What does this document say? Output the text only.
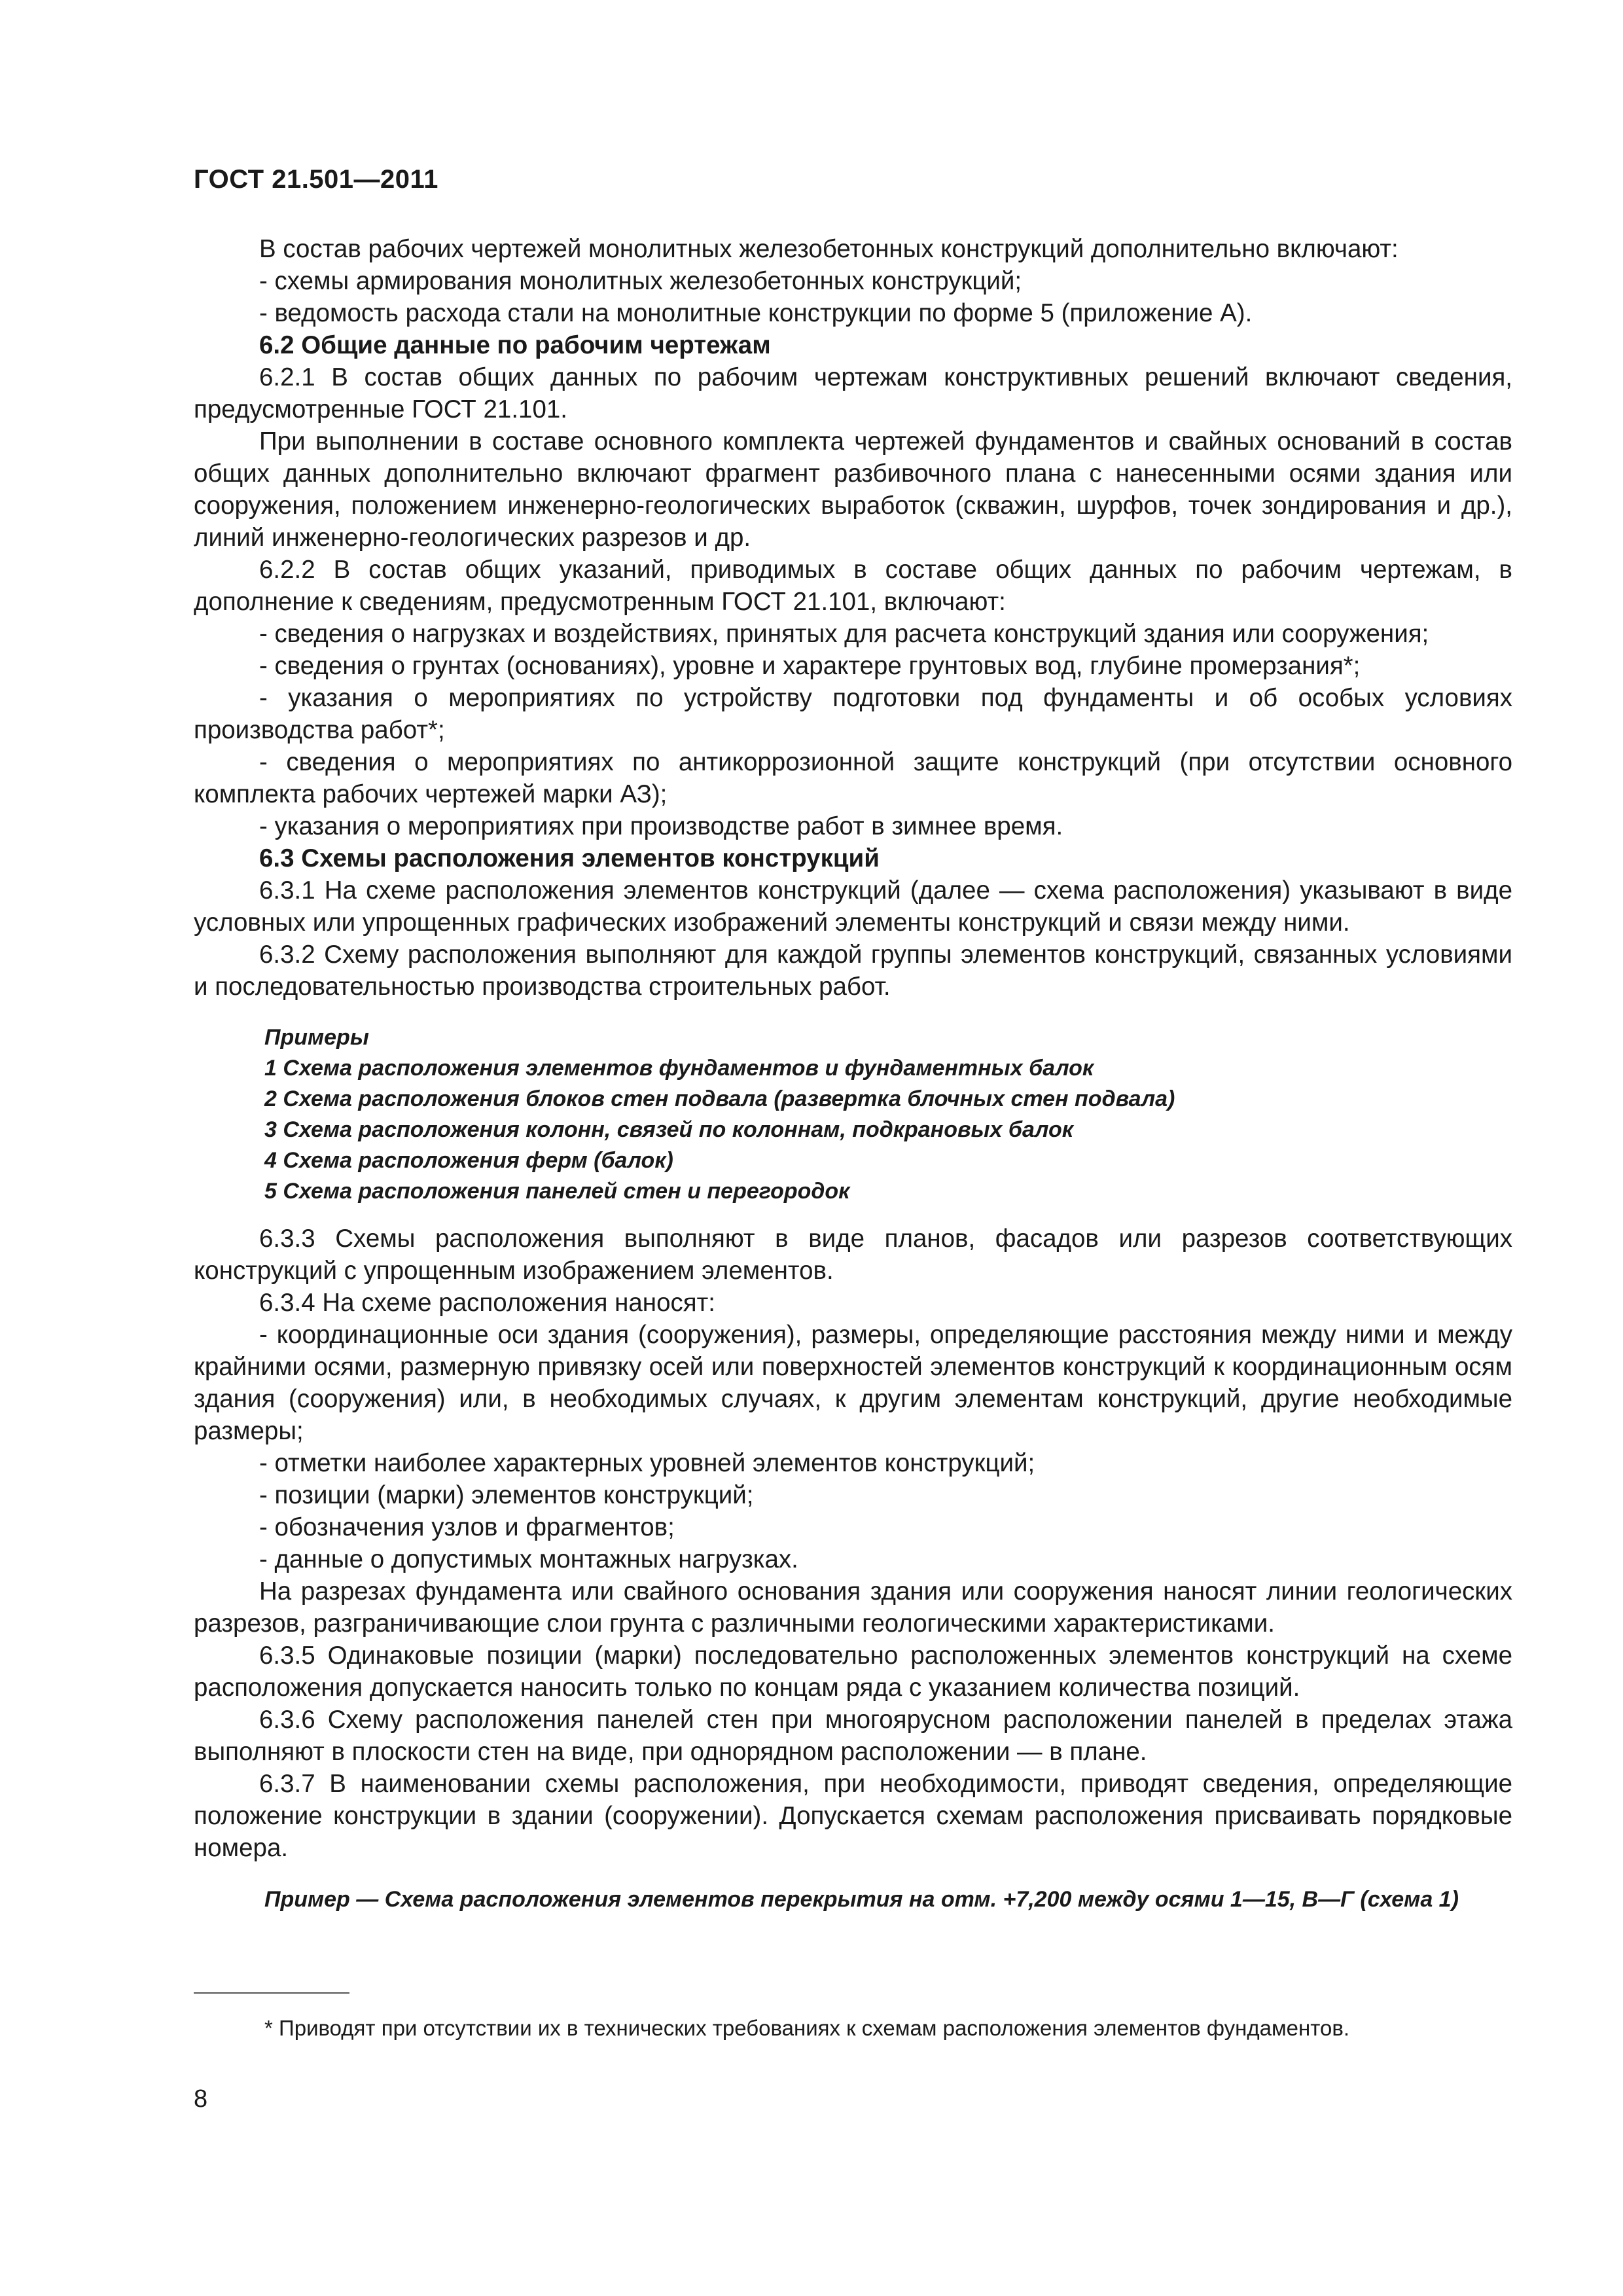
ГОСТ 21.501—2011

В состав рабочих чертежей монолитных железобетонных конструкций дополнительно включают:

- схемы армирования монолитных железобетонных конструкций;

- ведомость расхода стали на монолитные конструкции по форме 5 (приложение А).

6.2 Общие данные по рабочим чертежам

6.2.1 В состав общих данных по рабочим чертежам конструктивных решений включают сведения, предусмотренные ГОСТ 21.101.

При выполнении в составе основного комплекта чертежей фундаментов и свайных оснований в состав общих данных дополнительно включают фрагмент разбивочного плана с нанесенными осями здания или сооружения, положением инженерно-геологических выработок (скважин, шурфов, точек зондирования и др.), линий инженерно-геологических разрезов и др.

6.2.2 В состав общих указаний, приводимых в составе общих данных по рабочим чертежам, в дополнение к сведениям, предусмотренным ГОСТ 21.101, включают:

- сведения о нагрузках и воздействиях, принятых для расчета конструкций здания или сооружения;

- сведения о грунтах (основаниях), уровне и характере грунтовых вод, глубине промерзания*;

- указания о мероприятиях по устройству подготовки под фундаменты и об особых условиях производства работ*;

- сведения о мероприятиях по антикоррозионной защите конструкций (при отсутствии основного комплекта рабочих чертежей марки АЗ);

- указания о мероприятиях при производстве работ в зимнее время.

6.3 Схемы расположения элементов конструкций

6.3.1 На схеме расположения элементов конструкций (далее — схема расположения) указывают в виде условных или упрощенных графических изображений элементы конструкций и связи между ними.

6.3.2 Схему расположения выполняют для каждой группы элементов конструкций, связанных условиями и последовательностью производства строительных работ.

Примеры

1 Схема расположения элементов фундаментов и фундаментных балок

2 Схема расположения блоков стен подвала (развертка блочных стен подвала)

3 Схема расположения колонн, связей по колоннам, подкрановых балок

4 Схема расположения ферм (балок)

5 Схема расположения панелей стен и перегородок

6.3.3 Схемы расположения выполняют в виде планов, фасадов или разрезов соответствующих конструкций с упрощенным изображением элементов.

6.3.4 На схеме расположения наносят:

- координационные оси здания (сооружения), размеры, определяющие расстояния между ними и между крайними осями, размерную привязку осей или поверхностей элементов конструкций к координационным осям здания (сооружения) или, в необходимых случаях, к другим элементам конструкций, другие необходимые размеры;

- отметки наиболее характерных уровней элементов конструкций;

- позиции (марки) элементов конструкций;

- обозначения узлов и фрагментов;

- данные о допустимых монтажных нагрузках.

На разрезах фундамента или свайного основания здания или сооружения наносят линии геологических разрезов, разграничивающие слои грунта с различными геологическими характеристиками.

6.3.5 Одинаковые позиции (марки) последовательно расположенных элементов конструкций на схеме расположения допускается наносить только по концам ряда с указанием количества позиций.

6.3.6 Схему расположения панелей стен при многоярусном расположении панелей в пределах этажа выполняют в плоскости стен на виде, при однорядном расположении — в плане.

6.3.7 В наименовании схемы расположения, при необходимости, приводят сведения, определяющие положение конструкции в здании (сооружении). Допускается схемам расположения присваивать порядковые номера.

Пример — Схема расположения элементов перекрытия на отм. +7,200 между осями 1—15, В—Г (схема 1)

* Приводят при отсутствии их в технических требованиях к схемам расположения элементов фундаментов.
8
